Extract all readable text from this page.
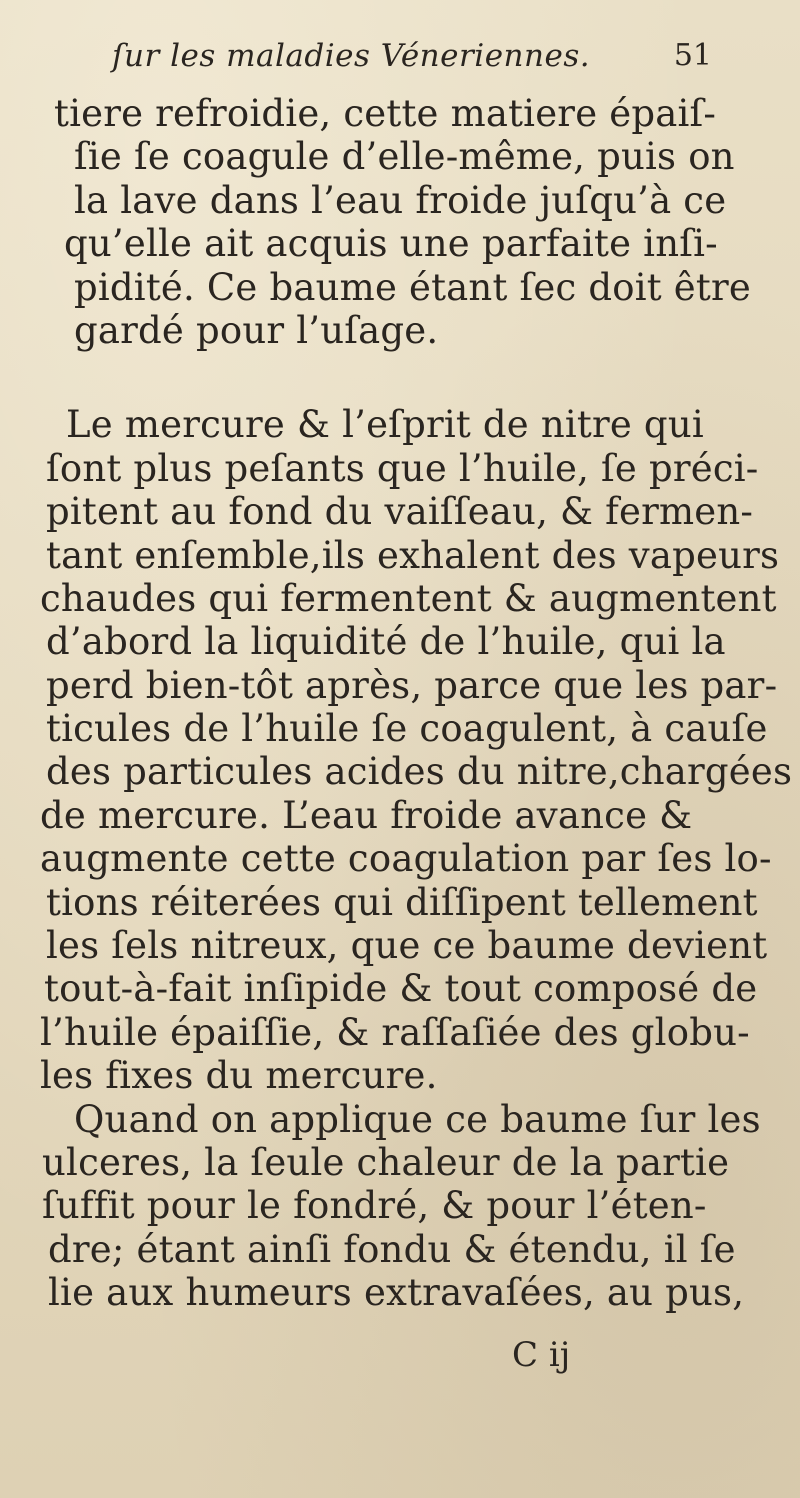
ſur les maladies Véneriennes.	51
tiere refroidie, cette matiere épaiſ-
ſie ſe coagule d’elle-même, puis on
la lave dans l’eau froide juſqu’à ce
qu’elle ait acquis une parfaite inſi-
pidité. Ce baume étant ſec doit être
gardé pour l’uſage.
Le mercure & l’eſprit de nitre qui
ſont plus peſants que l’huile, ſe préci-
pitent au fond du vaiſſeau, & fermen-
tant enſemble,ils exhalent des vapeurs
chaudes qui fermentent & augmentent
d’abord la liquidité de l’huile, qui la
perd bien-tôt après, parce que les par-
ticules de l’huile ſe coagulent, à cauſe
des particules acides du nitre,chargées
de mercure. L’eau froide avance &
augmente cette coagulation par ſes lo-
tions réiterées qui diſſipent tellement
les ſels nitreux, que ce baume devient
tout-à-fait inſipide & tout composé de
l’huile épaiſſie, & raſſaſiée des globu-
les fixes du mercure.
Quand on applique ce baume ſur les
ulceres, la ſeule chaleur de la partie
ſuffit pour le fondré, & pour l’éten-
dre; étant ainſi fondu & étendu, il ſe
lie aux humeurs extravaſées, au pus,
C ij
